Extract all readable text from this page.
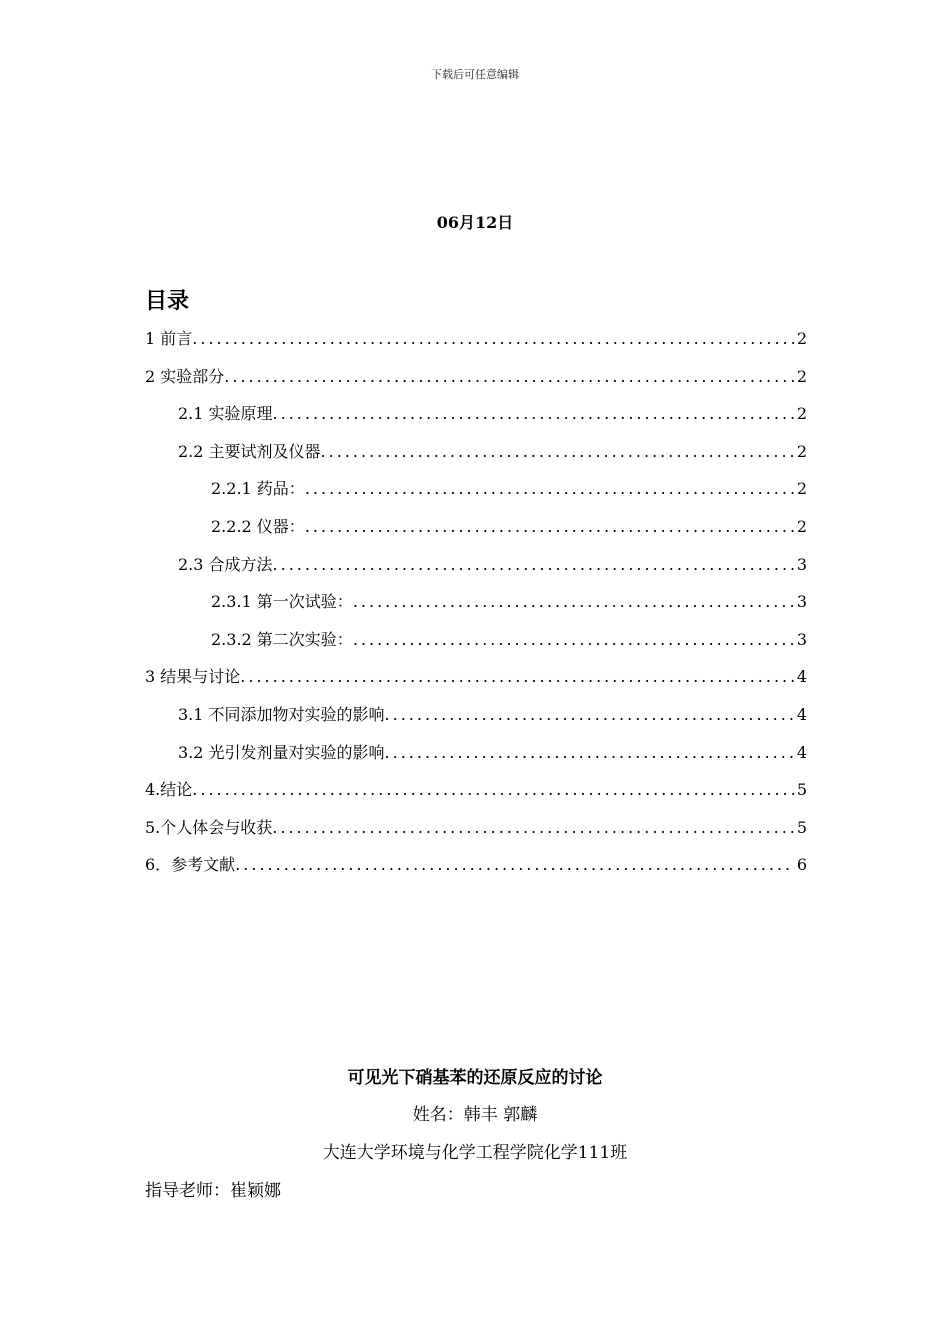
下载后可任意编辑
06月12日
目录
1 前言 .....	2
2 实验部分 .....	2
2.1 实验原理 .....	2
2.2 主要试剂及仪器 .....	2
2.2.1 药品： .....	2
2.2.2 仪器： .....	2
2.3 合成方法 .....	3
2.3.1 第一次试验： .....	3
2.3.2 第二次实验： .....	3
3 结果与讨论 .....	4
3.1 不同添加物对实验的影响 .....	4
3.2 光引发剂量对实验的影响 .....	4
4.结论 .....	5
5.个人体会与收获 .....	5
6．参考文献 .....	6
可见光下硝基苯的还原反应的讨论
姓名：韩丰 郭麟
大连大学环境与化学工程学院化学111班
指导老师：崔颖娜
